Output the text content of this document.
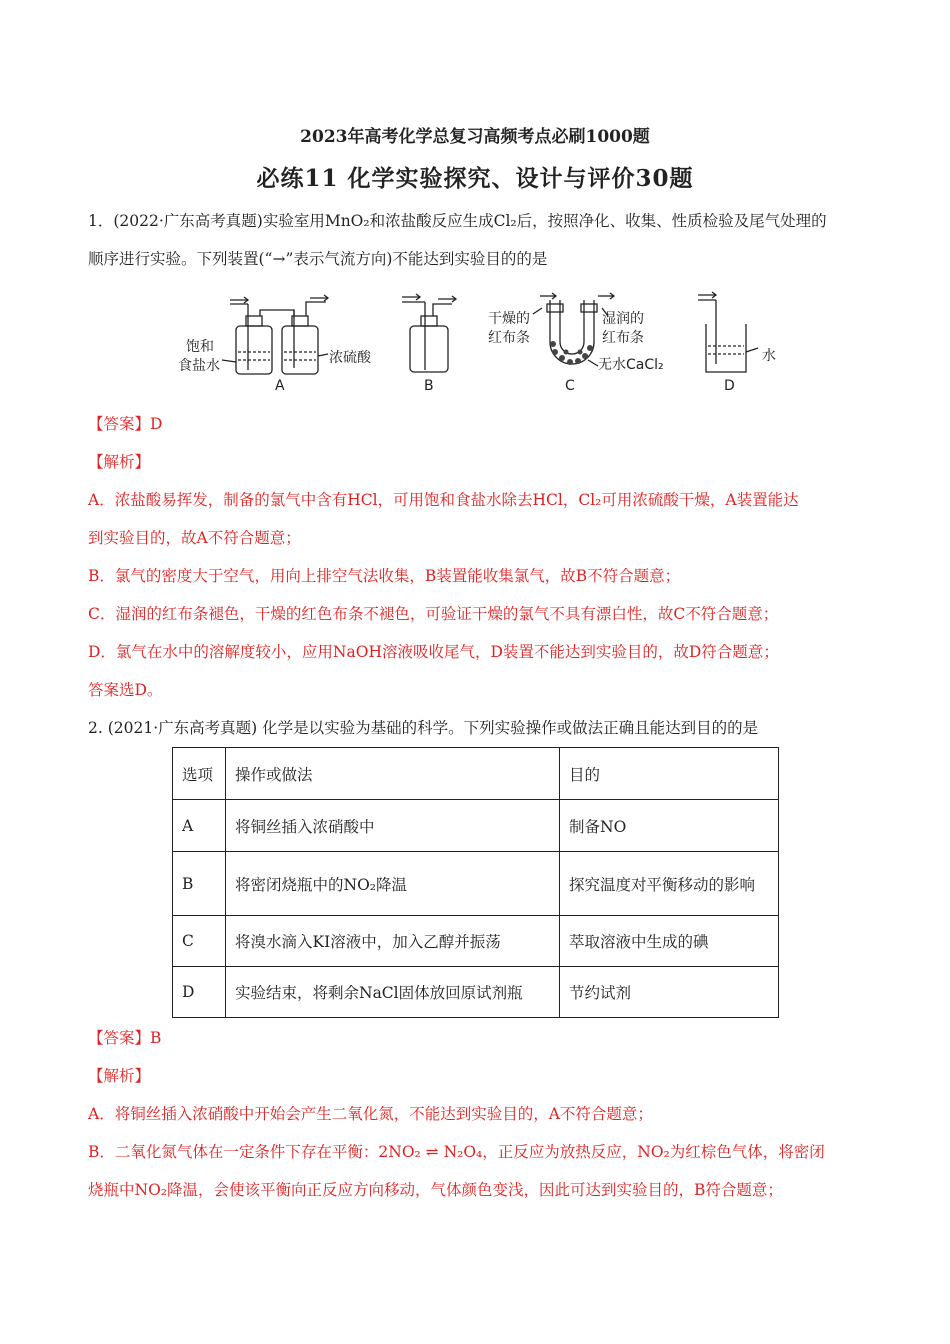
2023年高考化学总复习高频考点必刷1000题
必练11 化学实验探究、设计与评价30题
1．(2022·广东高考真题)实验室用MnO₂和浓盐酸反应生成Cl₂后，按照净化、收集、性质检验及尾气处理的
顺序进行实验。下列装置(“→”表示气流方向)不能达到实验目的的是
饱和
食盐水	浓硫酸
干燥的
红布条
湿润的
红布条
无水CaCl₂
水
A	B	C	D
【答案】D
【解析】
A．浓盐酸易挥发，制备的氯气中含有HCl，可用饱和食盐水除去HCl，Cl₂可用浓硫酸干燥，A装置能达
到实验目的，故A不符合题意；
B．氯气的密度大于空气，用向上排空气法收集，B装置能收集氯气，故B不符合题意；
C．湿润的红布条褪色，干燥的红色布条不褪色，可验证干燥的氯气不具有漂白性，故C不符合题意；
D．氯气在水中的溶解度较小，应用NaOH溶液吸收尾气，D装置不能达到实验目的，故D符合题意；
答案选D。
2. (2021·广东高考真题) 化学是以实验为基础的科学。下列实验操作或做法正确且能达到目的的是
选项	操作或做法	目的
A	将铜丝插入浓硝酸中	制备NO
B	将密闭烧瓶中的NO₂降温	探究温度对平衡移动的影响
C	将溴水滴入KI溶液中，加入乙醇并振荡	萃取溶液中生成的碘
D	实验结束，将剩余NaCl固体放回原试剂瓶	节约试剂
【答案】B
【解析】
A．将铜丝插入浓硝酸中开始会产生二氧化氮，不能达到实验目的，A不符合题意；
B．二氧化氮气体在一定条件下存在平衡：2NO₂ ⇌ N₂O₄，正反应为放热反应，NO₂为红棕色气体，将密闭
烧瓶中NO₂降温，会使该平衡向正反应方向移动，气体颜色变浅，因此可达到实验目的，B符合题意；
